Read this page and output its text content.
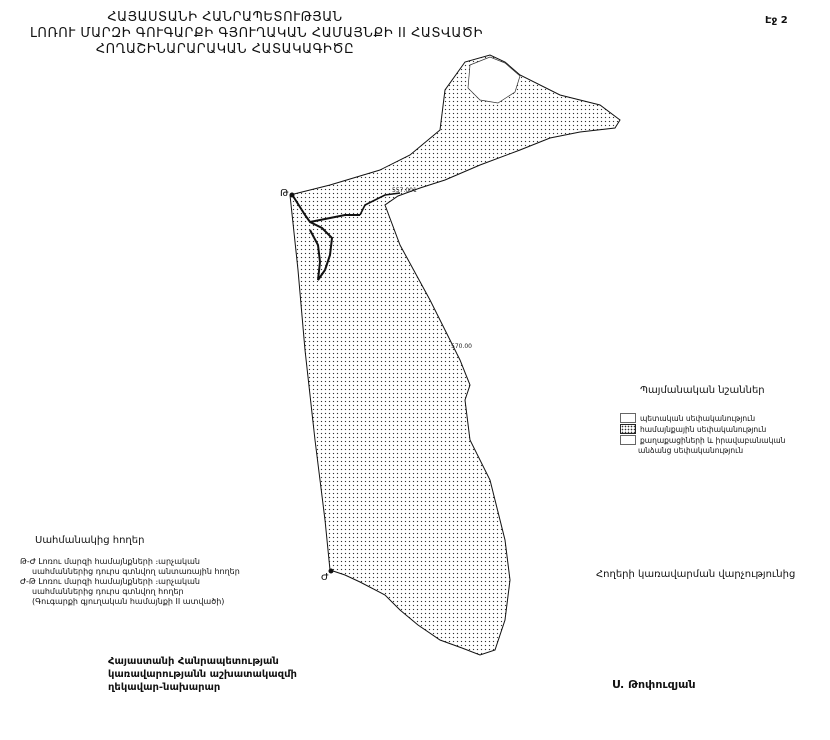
ՀԱՅԱՍՏԱՆԻ ՀԱՆՐԱՊԵՏՈՒԹՅԱՆ
ԼՈՌՈՒ ՄԱՐԶԻ ԳՈՒԳԱՐՔԻ ԳՅՈՒՂԱԿԱՆ ՀԱՄԱՅՆՔԻ II ՀԱՏՎԱԾԻ
ՀՈՂԱՇԻՆԱՐԱՐԱԿԱՆ ՀԱՏԱԿԱԳԻԾԸ
Էջ 2
Թ
Ժ
557.001
570.00
Պայմանական նշաններ
պետական սեփականություն
համայնքային սեփականություն
քաղաքացիների և իրավաբանական
անձանց սեփականություն
Սահմանակից հողեր
Թ-Ժ Լոռու մարզի համայնքների ։արչական
սահմաններից դուրս գտնվող անտառային հողեր
Ժ-Թ Լոռու մարզի համայնքների ։արչական
սահմաններից դուրս գտնվող հողեր
(Գուգարքի գյուղական համայնքի II ատվածի)
Հողերի կառավարման վարչությունից
Հայաստանի Հանրապետության
կառավարությանն աշխատակազմի
ղեկավար-նախարար	Ս. Թոփուզյան
